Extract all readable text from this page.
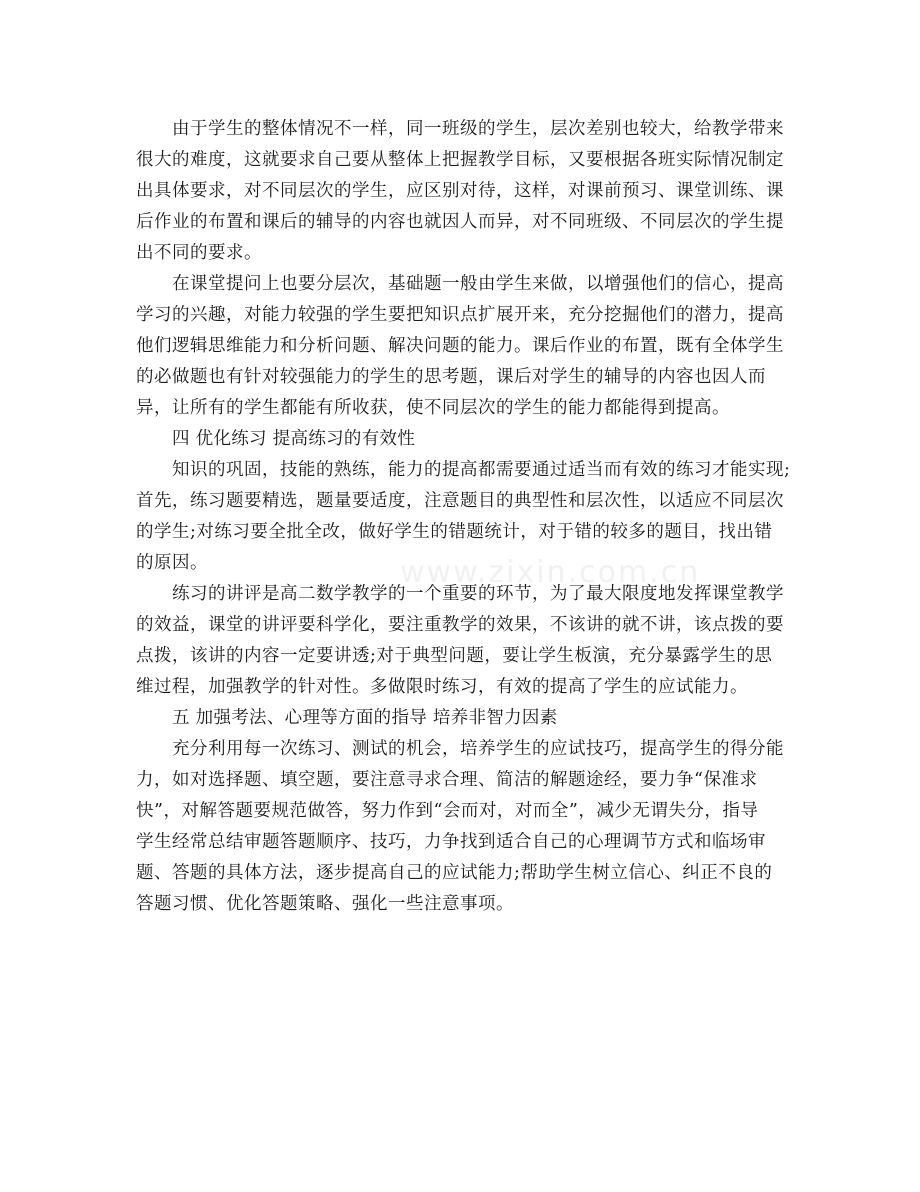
www.zixin.com.cn
由于学生的整体情况不一样，同一班级的学生，层次差别也较大，给教学带来
很大的难度，这就要求自己要从整体上把握教学目标，又要根据各班实际情况制定
出具体要求，对不同层次的学生，应区别对待，这样，对课前预习、课堂训练、课
后作业的布置和课后的辅导的内容也就因人而异，对不同班级、不同层次的学生提
出不同的要求。
在课堂提问上也要分层次，基础题一般由学生来做，以增强他们的信心，提高
学习的兴趣，对能力较强的学生要把知识点扩展开来，充分挖掘他们的潜力，提高
他们逻辑思维能力和分析问题、解决问题的能力。课后作业的布置，既有全体学生
的必做题也有针对较强能力的学生的思考题，课后对学生的辅导的内容也因人而
异，让所有的学生都能有所收获，使不同层次的学生的能力都能得到提高。
四 优化练习 提高练习的有效性
知识的巩固，技能的熟练，能力的提高都需要通过适当而有效的练习才能实现;
首先，练习题要精选，题量要适度，注意题目的典型性和层次性，以适应不同层次
的学生;对练习要全批全改，做好学生的错题统计，对于错的较多的题目，找出错
的原因。
练习的讲评是高二数学教学的一个重要的环节，为了最大限度地发挥课堂教学
的效益，课堂的讲评要科学化，要注重教学的效果，不该讲的就不讲，该点拨的要
点拨，该讲的内容一定要讲透;对于典型问题，要让学生板演，充分暴露学生的思
维过程，加强教学的针对性。多做限时练习，有效的提高了学生的应试能力。
五 加强考法、心理等方面的指导 培养非智力因素
充分利用每一次练习、测试的机会，培养学生的应试技巧，提高学生的得分能
力，如对选择题、填空题，要注意寻求合理、简洁的解题途经，要力争“保准求
快”，对解答题要规范做答，努力作到“会而对，对而全”，减少无谓失分，指导
学生经常总结审题答题顺序、技巧，力争找到适合自己的心理调节方式和临场审
题、答题的具体方法，逐步提高自己的应试能力;帮助学生树立信心、纠正不良的
答题习惯、优化答题策略、强化一些注意事项。
